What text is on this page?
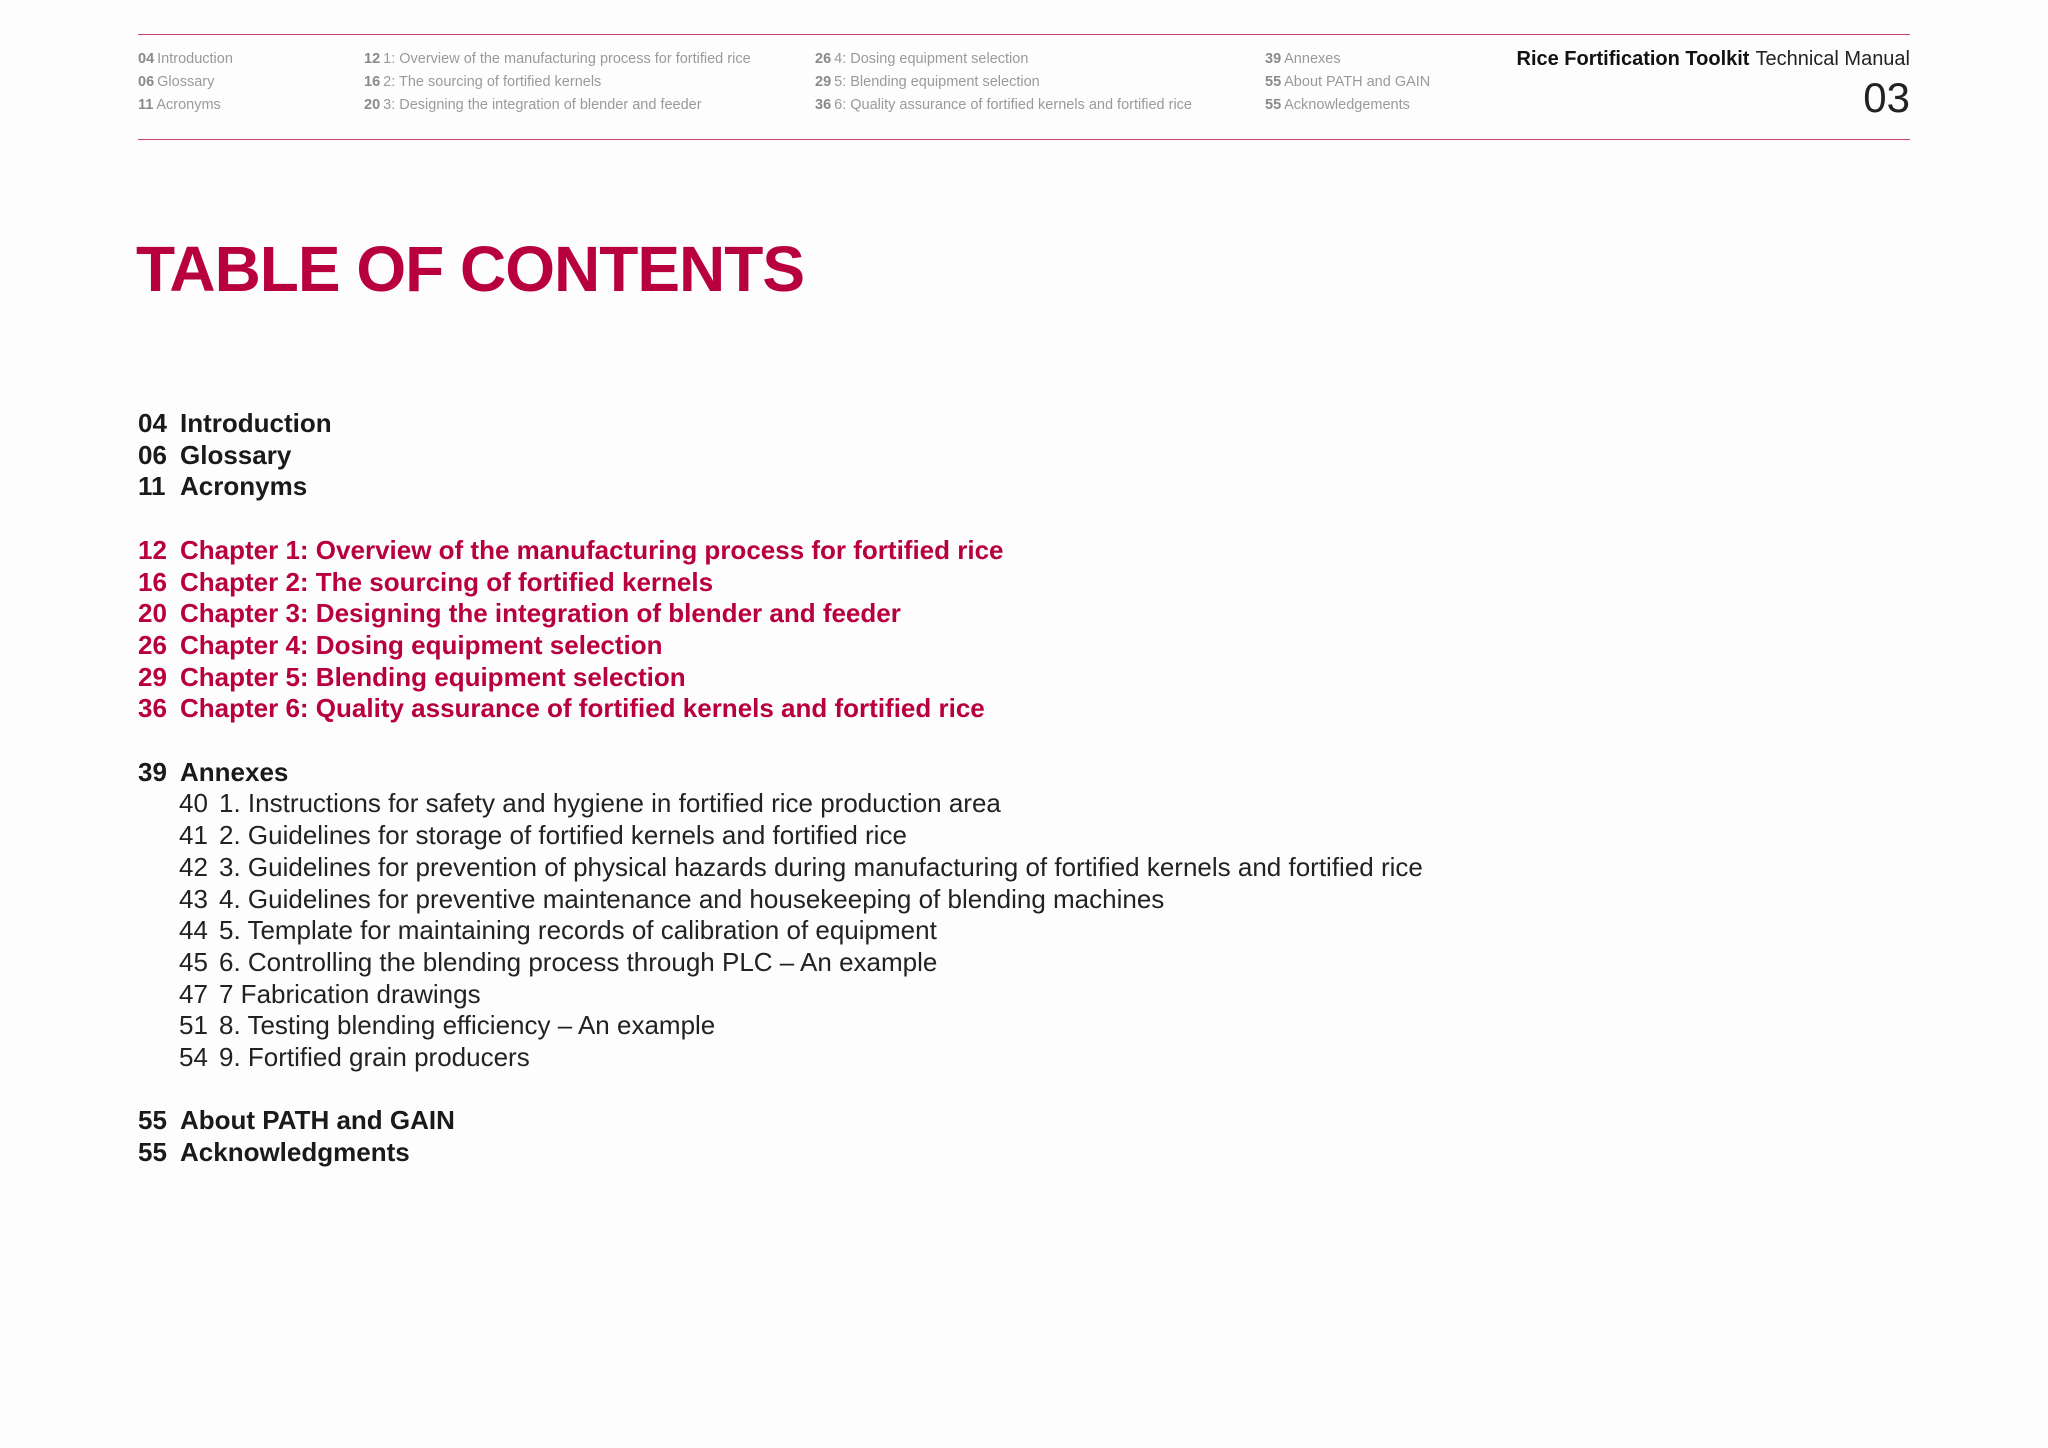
04 Introduction
06 Glossary
11 Acronyms
12 1: Overview of the manufacturing process for fortified rice
16 2: The sourcing of fortified kernels
20 3: Designing the integration of blender and feeder
26 4: Dosing equipment selection
29 5: Blending equipment selection
36 6: Quality assurance of fortified kernels and fortified rice
39 Annexes
55 About PATH and GAIN
55 Acknowledgements
Rice Fortification Toolkit Technical Manual
03
TABLE OF CONTENTS
04 Introduction
06 Glossary
11 Acronyms
12 Chapter 1: Overview of the manufacturing process for fortified rice
16 Chapter 2: The sourcing of fortified kernels
20 Chapter 3: Designing the integration of blender and feeder
26 Chapter 4: Dosing equipment selection
29 Chapter 5: Blending equipment selection
36 Chapter 6: Quality assurance of fortified kernels and fortified rice
39 Annexes
40 1. Instructions for safety and hygiene in fortified rice production area
41 2. Guidelines for storage of fortified kernels and fortified rice
42 3. Guidelines for prevention of physical hazards during manufacturing of fortified kernels and fortified rice
43 4. Guidelines for preventive maintenance and housekeeping of blending machines
44 5. Template for maintaining records of calibration of equipment
45 6. Controlling the blending process through PLC – An example
47 7 Fabrication drawings
51 8. Testing blending efficiency – An example
54 9. Fortified grain producers
55 About PATH and GAIN
55 Acknowledgments
